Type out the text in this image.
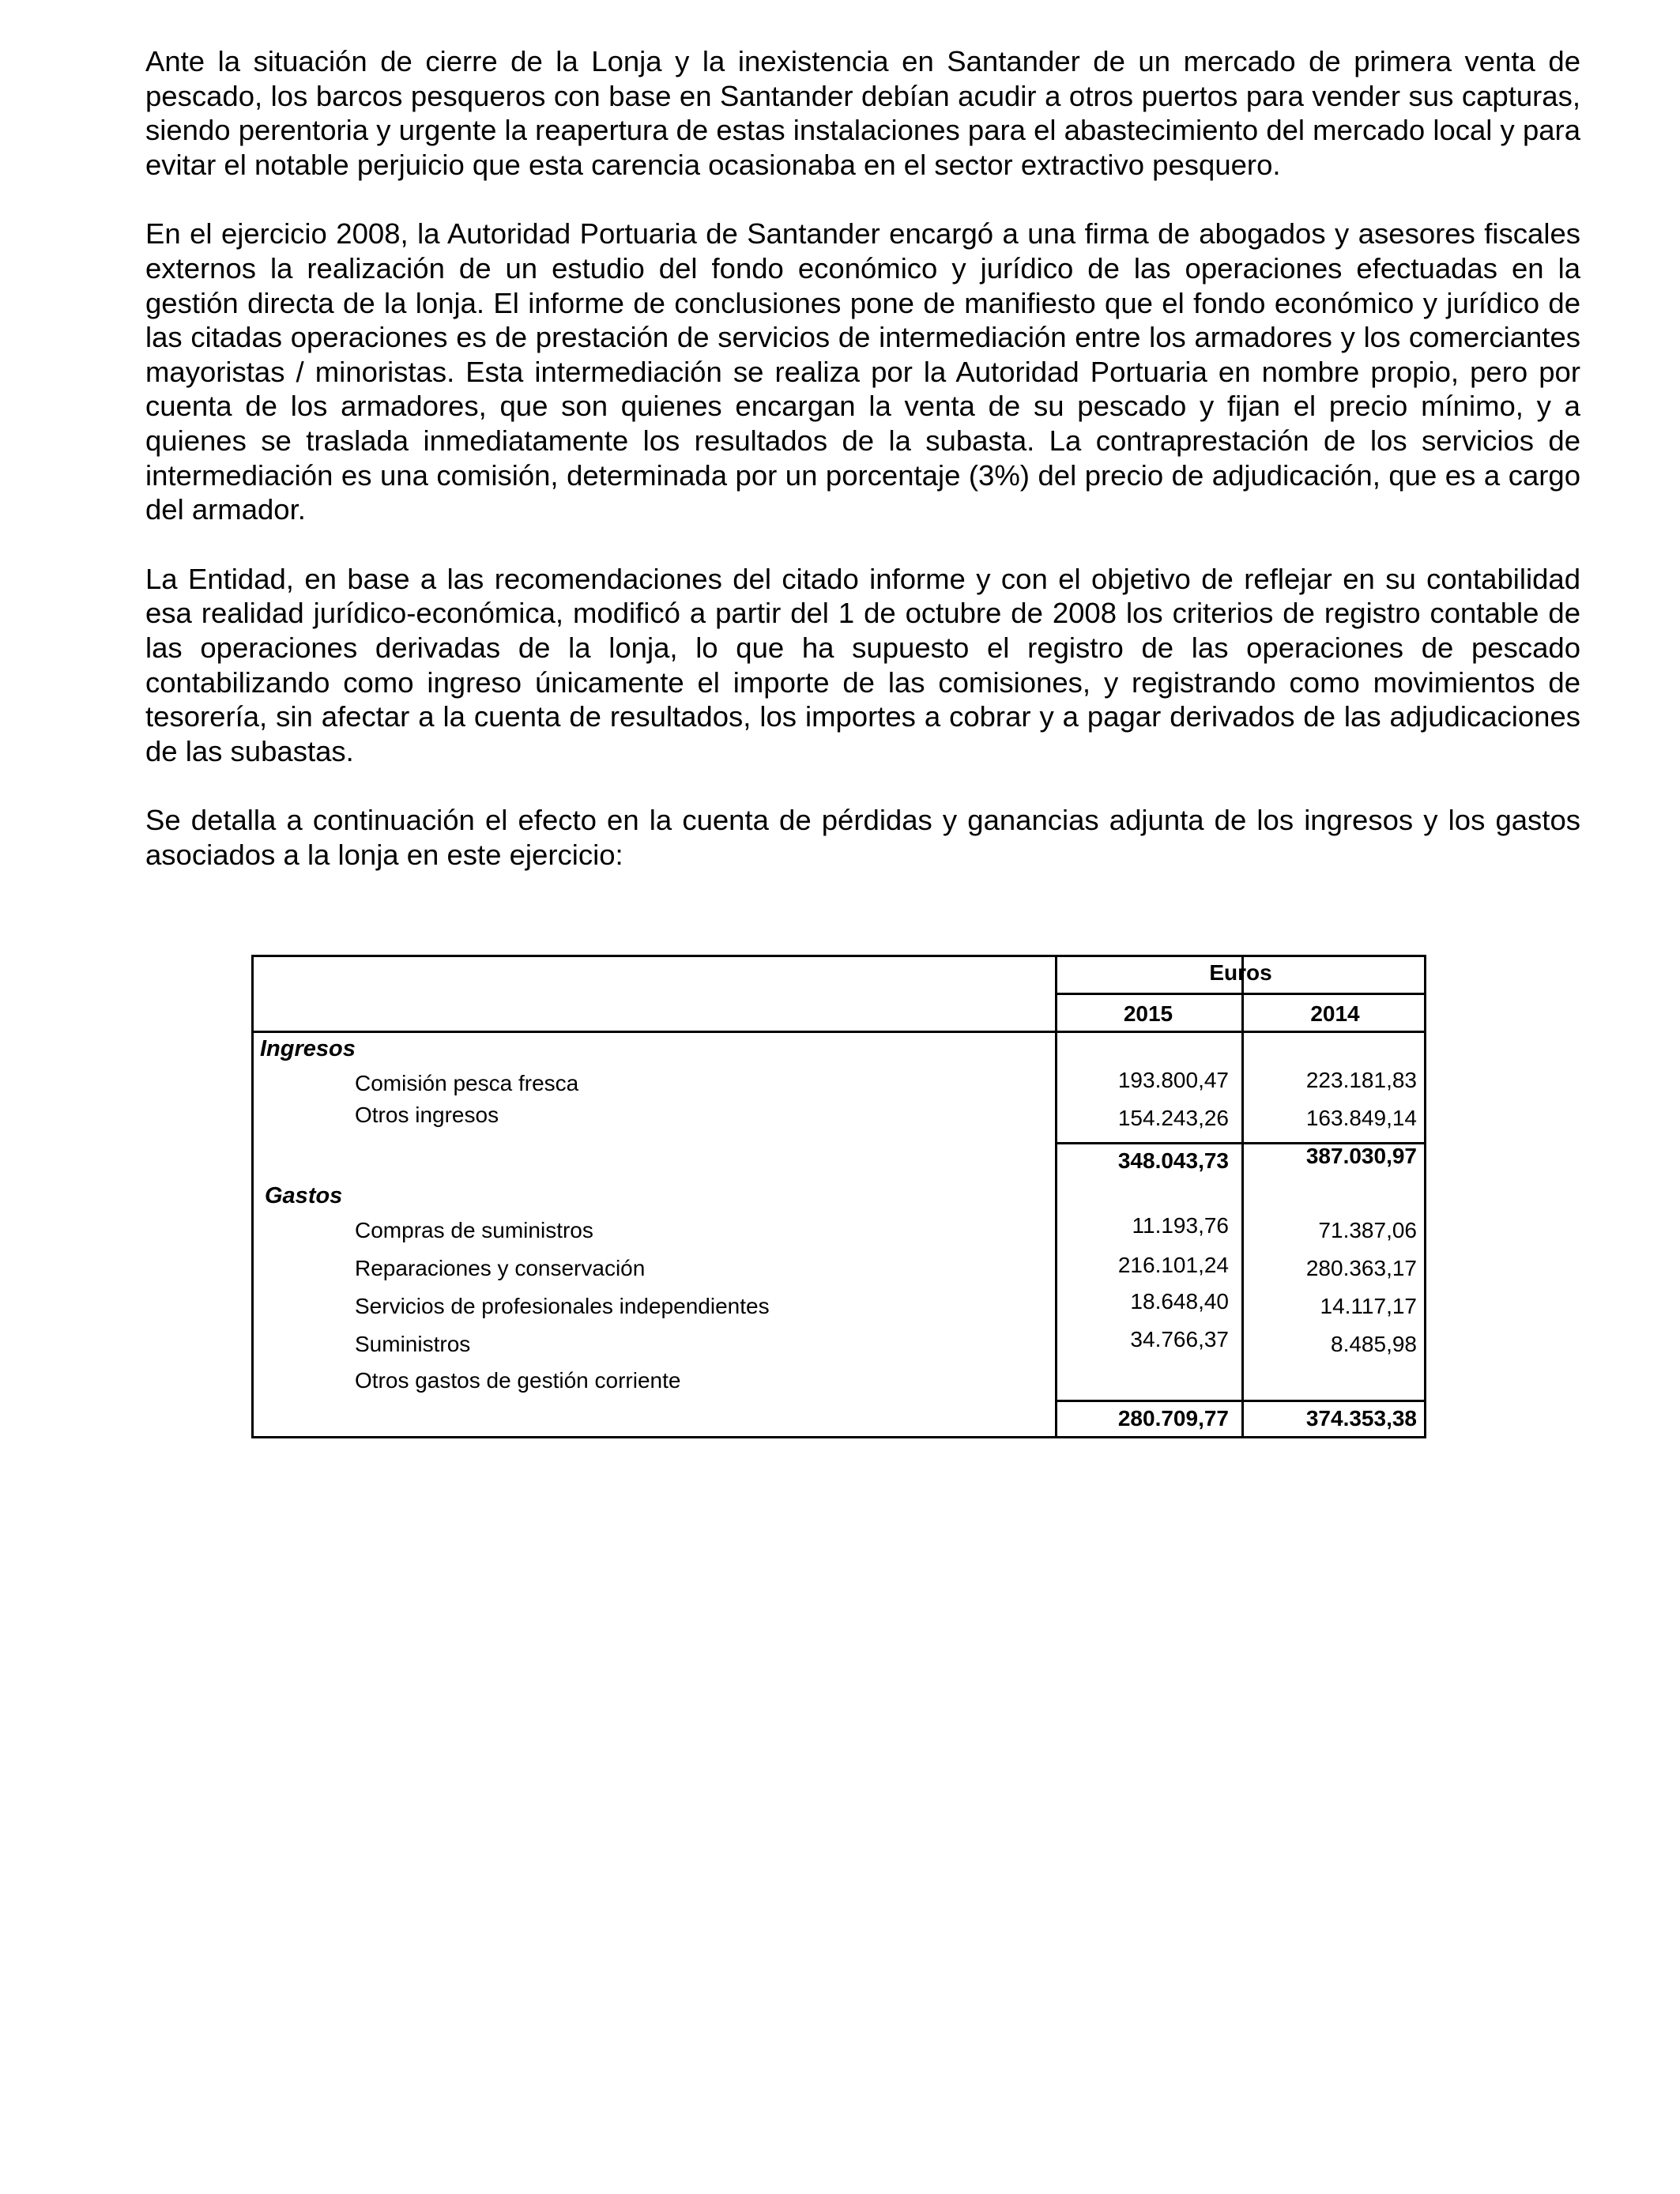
Ante la situación de cierre de la Lonja y la inexistencia en Santander de un mercado de primera venta de pescado, los barcos pesqueros con base en Santander debían acudir a otros puertos para vender sus capturas, siendo perentoria y urgente la reapertura de estas instalaciones para el abastecimiento del mercado local y para evitar el notable perjuicio que esta carencia ocasionaba en el sector extractivo pesquero.

En el ejercicio 2008, la Autoridad Portuaria de Santander encargó a una firma de abogados y asesores fiscales externos la realización de un estudio del fondo económico y jurídico de las operaciones efectuadas en la gestión directa de la lonja. El informe de conclusiones pone de manifiesto que el fondo económico y jurídico de las citadas operaciones es de prestación de servicios de intermediación entre los armadores y los comerciantes mayoristas / minoristas. Esta intermediación se realiza por la Autoridad Portuaria en nombre propio, pero por cuenta de los armadores, que son quienes encargan la venta de su pescado y fijan el precio mínimo, y a quienes se traslada inmediatamente los resultados de la subasta. La contraprestación de los servicios de intermediación es una comisión, determinada por un porcentaje (3%) del precio de adjudicación, que es a cargo del armador.

La Entidad, en base a las recomendaciones del citado informe y con el objetivo de reflejar en su contabilidad esa realidad jurídico-económica, modificó a partir del 1 de octubre de 2008 los criterios de registro contable de las operaciones derivadas de la lonja, lo que ha supuesto el registro de las operaciones de pescado contabilizando como ingreso únicamente el importe de las comisiones, y registrando como movimientos de tesorería, sin afectar a la cuenta de resultados, los importes a cobrar y a pagar derivados de las adjudicaciones de las subastas.

Se detalla a continuación el efecto en la cuenta de pérdidas y ganancias adjunta de los ingresos y los gastos asociados a la lonja en este ejercicio:

Euros
2015	2014
Ingresos
Comisión pesca fresca	193.800,47	223.181,83
Otros ingresos	154.243,26	163.849,14
348.043,73	387.030,97
Gastos
Compras de suministros	11.193,76	71.387,06
Reparaciones y conservación	216.101,24	280.363,17
Servicios de profesionales independientes	18.648,40	14.117,17
Suministros	34.766,37	8.485,98
Otros gastos de gestión corriente
280.709,77	374.353,38
